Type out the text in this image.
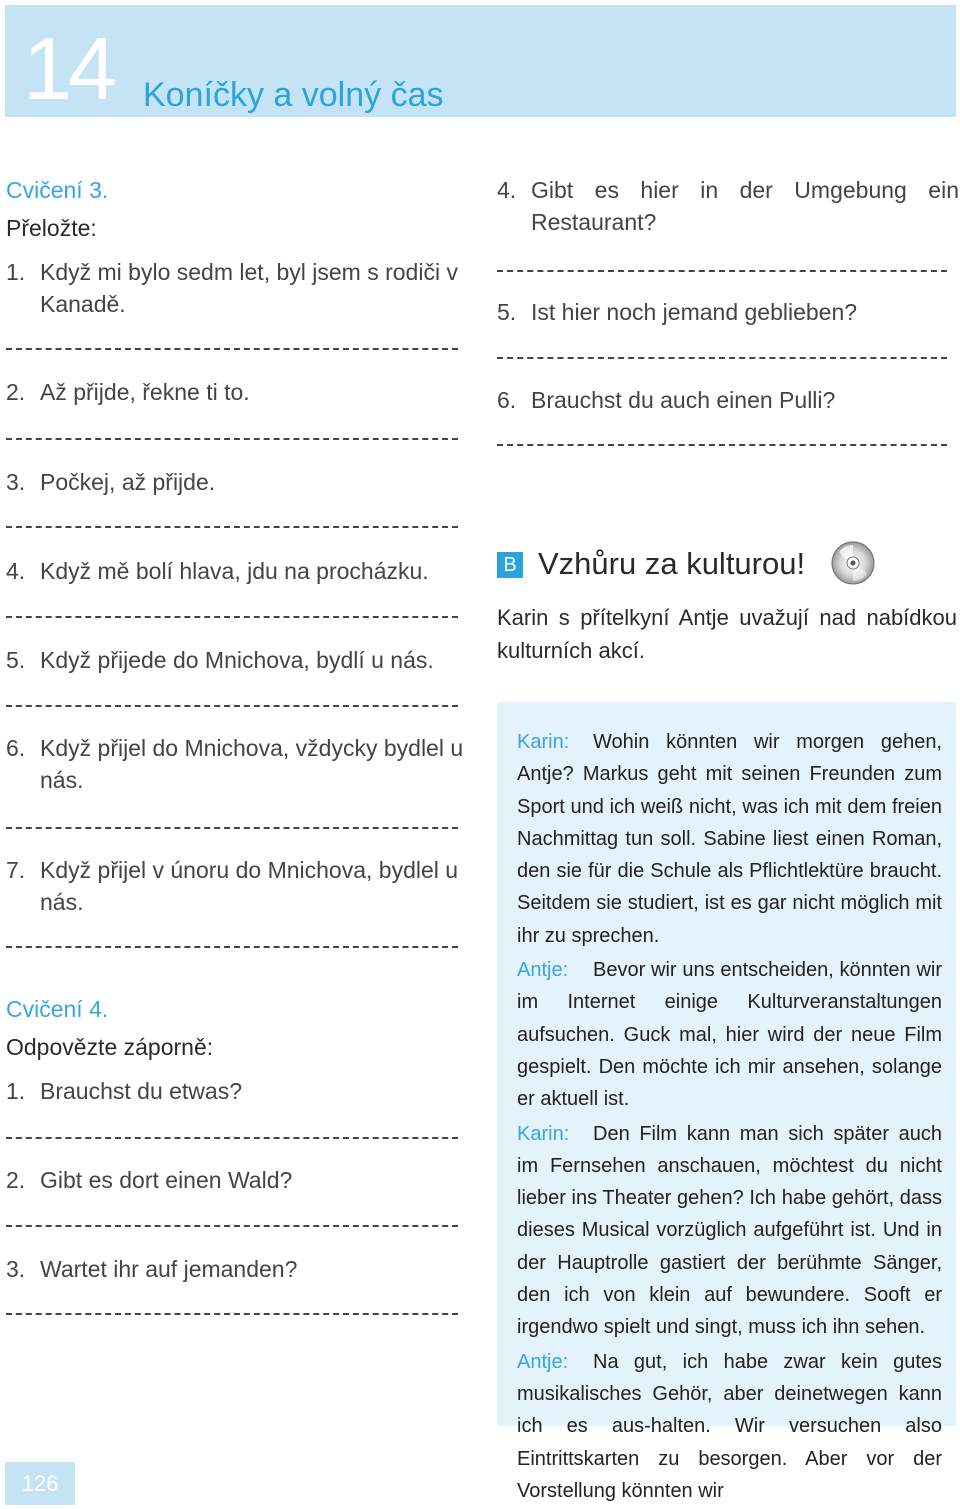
14 Koníčky a volný čas
Cvičení 3.
Přeložte:
1. Když mi bylo sedm let, byl jsem s rodiči v Kanadě.
2. Až přijde, řekne ti to.
3. Počkej, až přijde.
4. Když mě bolí hlava, jdu na procházku.
5. Když přijede do Mnichova, bydlí u nás.
6. Když přijel do Mnichova, vždycky bydlel u nás.
7. Když přijel v únoru do Mnichova, bydlel u nás.
Cvičení 4.
Odpovězte záporně:
1. Brauchst du etwas?
2. Gibt es dort einen Wald?
3. Wartet ihr auf jemanden?
4. Gibt es hier in der Umgebung ein Restaurant?
5. Ist hier noch jemand geblieben?
6. Brauchst du auch einen Pulli?
B Vzhůru za kulturou!
Karin s přítelkyní Antje uvažují nad nabídkou kulturních akcí.
Karin: Wohin könnten wir morgen gehen, Antje? Markus geht mit seinen Freunden zum Sport und ich weiß nicht, was ich mit dem freien Nachmittag tun soll. Sabine liest einen Roman, den sie für die Schule als Pflichtlektüre braucht. Seitdem sie studiert, ist es gar nicht möglich mit ihr zu sprechen.
Antje: Bevor wir uns entscheiden, könnten wir im Internet einige Kulturveranstaltungen aufsuchen. Guck mal, hier wird der neue Film gespielt. Den möchte ich mir ansehen, solange er aktuell ist.
Karin: Den Film kann man sich später auch im Fernsehen anschauen, möchtest du nicht lieber ins Theater gehen? Ich habe gehört, dass dieses Musical vorzüglich aufgeführt ist. Und in der Hauptrolle gastiert der berühmte Sänger, den ich von klein auf bewundere. Sooft er irgendwo spielt und singt, muss ich ihn sehen.
Antje: Na gut, ich habe zwar kein gutes musikalisches Gehör, aber deinetwegen kann ich es aus-halten. Wir versuchen also Eintrittskarten zu besorgen. Aber vor der Vorstellung könnten wir
126
